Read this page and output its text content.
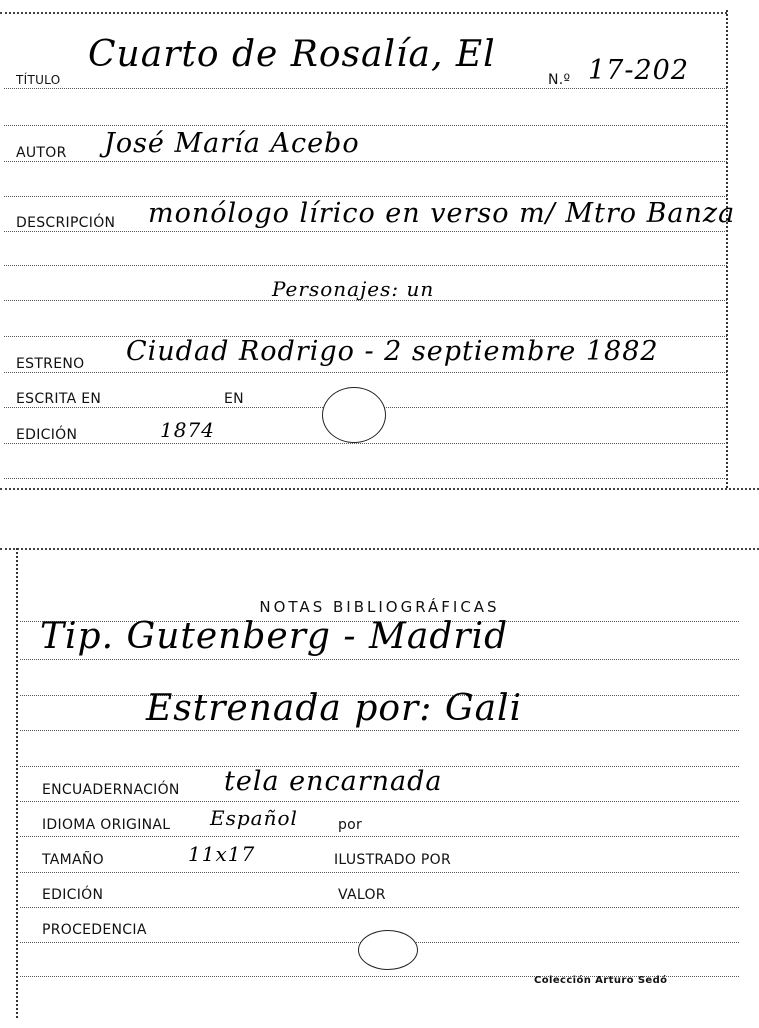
TÍTULO
Cuarto de Rosalía, El
N.º 17-202
AUTOR José María Acebo
DESCRIPCIÓN monólogo lírico en verso m/ Mtro Banza
Personajes: un
ESTRENO Ciudad Rodrigo - 2 septiembre 1882
ESCRITA EN	EN
EDICIÓN	1874
NOTAS BIBLIOGRÁFICAS
Tip. Gutenberg - Madrid
Estrenada por: Gali
ENCUADERNACIÓN tela encarnada
IDIOMA ORIGINAL Español	por
TAMAÑO	11x17	ILUSTRADO POR
EDICIÓN	VALOR
PROCEDENCIA
Colección Arturo Sedó
